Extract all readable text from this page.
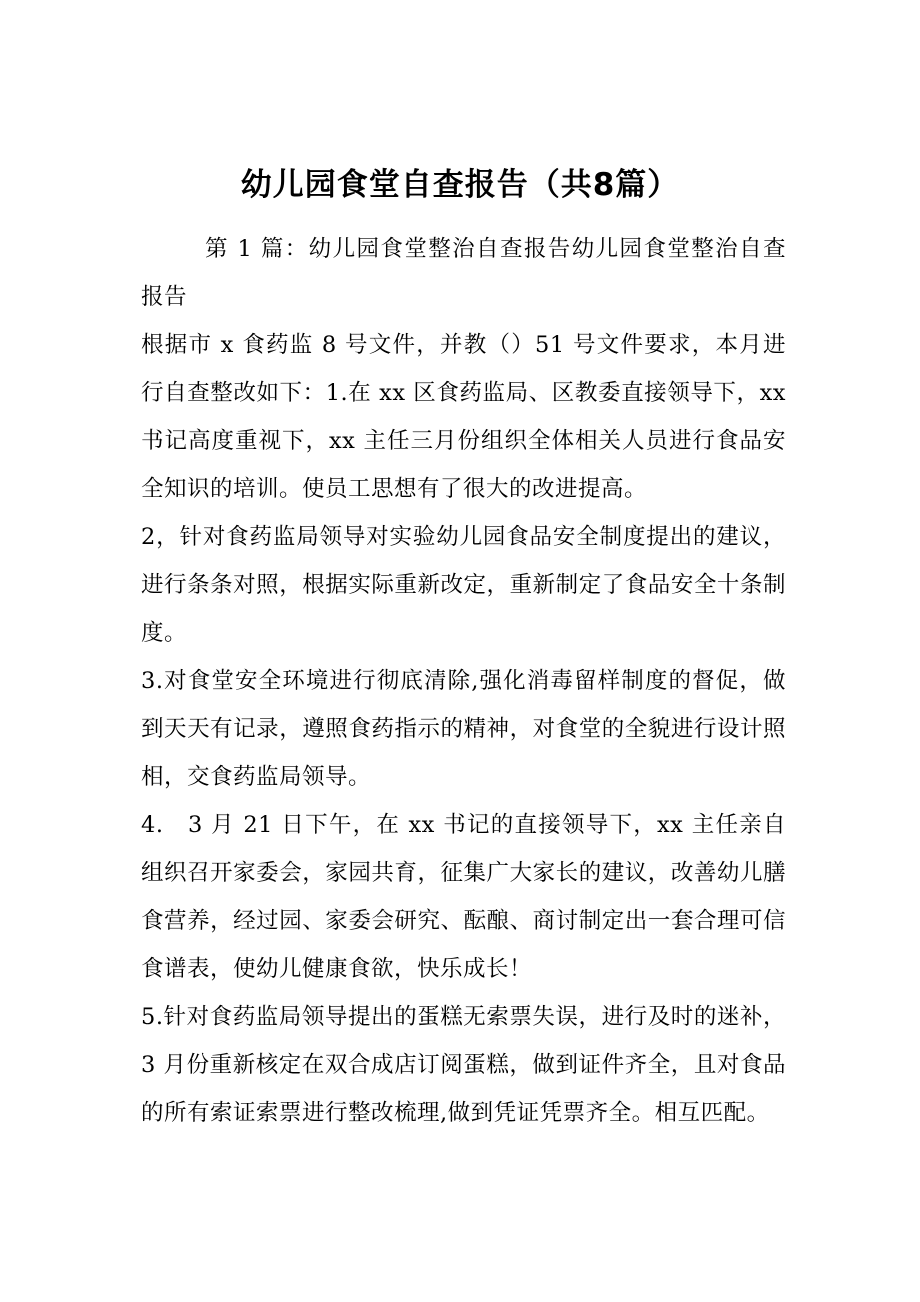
幼儿园食堂自查报告（共8篇）

第 1 篇：幼儿园食堂整治自查报告幼儿园食堂整治自查报告

根据市 x 食药监 8 号文件，并教（）51 号文件要求，本月进行自查整改如下：1.在 xx 区食药监局、区教委直接领导下，xx 书记高度重视下，xx 主任三月份组织全体相关人员进行食品安全知识的培训。使员工思想有了很大的改进提高。

2，针对食药监局领导对实验幼儿园食品安全制度提出的建议，进行条条对照，根据实际重新改定，重新制定了食品安全十条制度。

3.对食堂安全环境进行彻底清除,强化消毒留样制度的督促，做到天天有记录，遵照食药指示的精神，对食堂的全貌进行设计照相，交食药监局领导。

4.　3 月 21 日下午，在 xx 书记的直接领导下，xx 主任亲自组织召开家委会，家园共育，征集广大家长的建议，改善幼儿膳食营养，经过园、家委会研究、酝酿、商讨制定出一套合理可信食谱表，使幼儿健康食欲，快乐成长！

5.针对食药监局领导提出的蛋糕无索票失误，进行及时的迷补，3 月份重新核定在双合成店订阅蛋糕，做到证件齐全，且对食品的所有索证索票进行整改梳理,做到凭证凭票齐全。相互匹配。
